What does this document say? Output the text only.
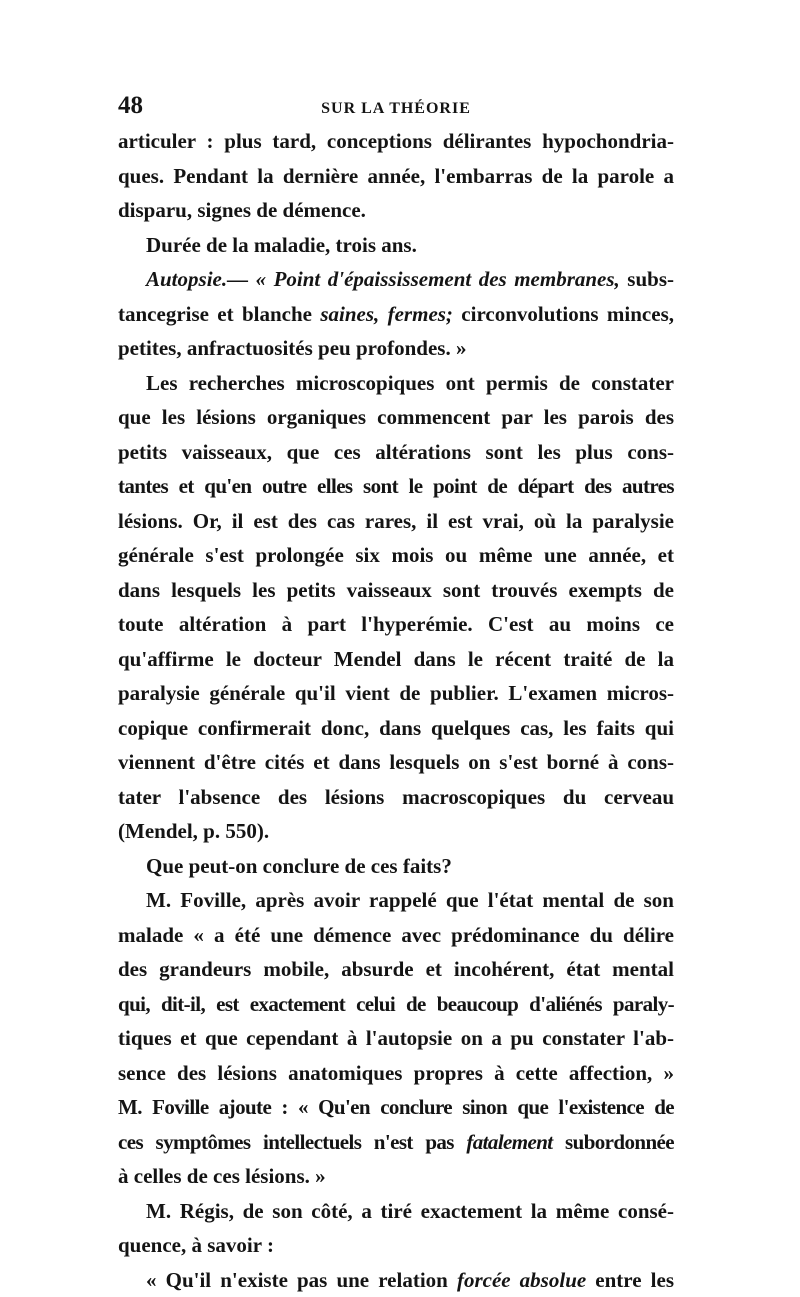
48	SUR LA THÉORIE
articuler : plus tard, conceptions délirantes hypochondria-
ques. Pendant la dernière année, l'embarras de la parole a
disparu, signes de démence.
Durée de la maladie, trois ans.
Autopsie.— « Point d'épaississement des membranes, subs-
tancegrise et blanche saines, fermes; circonvolutions minces,
petites, anfractuosités peu profondes. »
Les recherches microscopiques ont permis de constater
que les lésions organiques commencent par les parois des
petits vaisseaux, que ces altérations sont les plus cons-
tantes et qu'en outre elles sont le point de départ des autres
lésions. Or, il est des cas rares, il est vrai, où la paralysie
générale s'est prolongée six mois ou même une année, et
dans lesquels les petits vaisseaux sont trouvés exempts de
toute altération à part l'hyperémie. C'est au moins ce
qu'affirme le docteur Mendel dans le récent traité de la
paralysie générale qu'il vient de publier. L'examen micros-
copique confirmerait donc, dans quelques cas, les faits qui
viennent d'être cités et dans lesquels on s'est borné à cons-
tater l'absence des lésions macroscopiques du cerveau
(Mendel, p. 550).
Que peut-on conclure de ces faits?
M. Foville, après avoir rappelé que l'état mental de son
malade « a été une démence avec prédominance du délire
des grandeurs mobile, absurde et incohérent, état mental
qui, dit-il, est exactement celui de beaucoup d'aliénés paraly-
tiques et que cependant à l'autopsie on a pu constater l'ab-
sence des lésions anatomiques propres à cette affection, »
M. Foville ajoute : « Qu'en conclure sinon que l'existence de
ces symptômes intellectuels n'est pas fatalement subordonnée
à celles de ces lésions. »
M. Régis, de son côté, a tiré exactement la même consé-
quence, à savoir :
« Qu'il n'existe pas une relation forcée absolue entre les
